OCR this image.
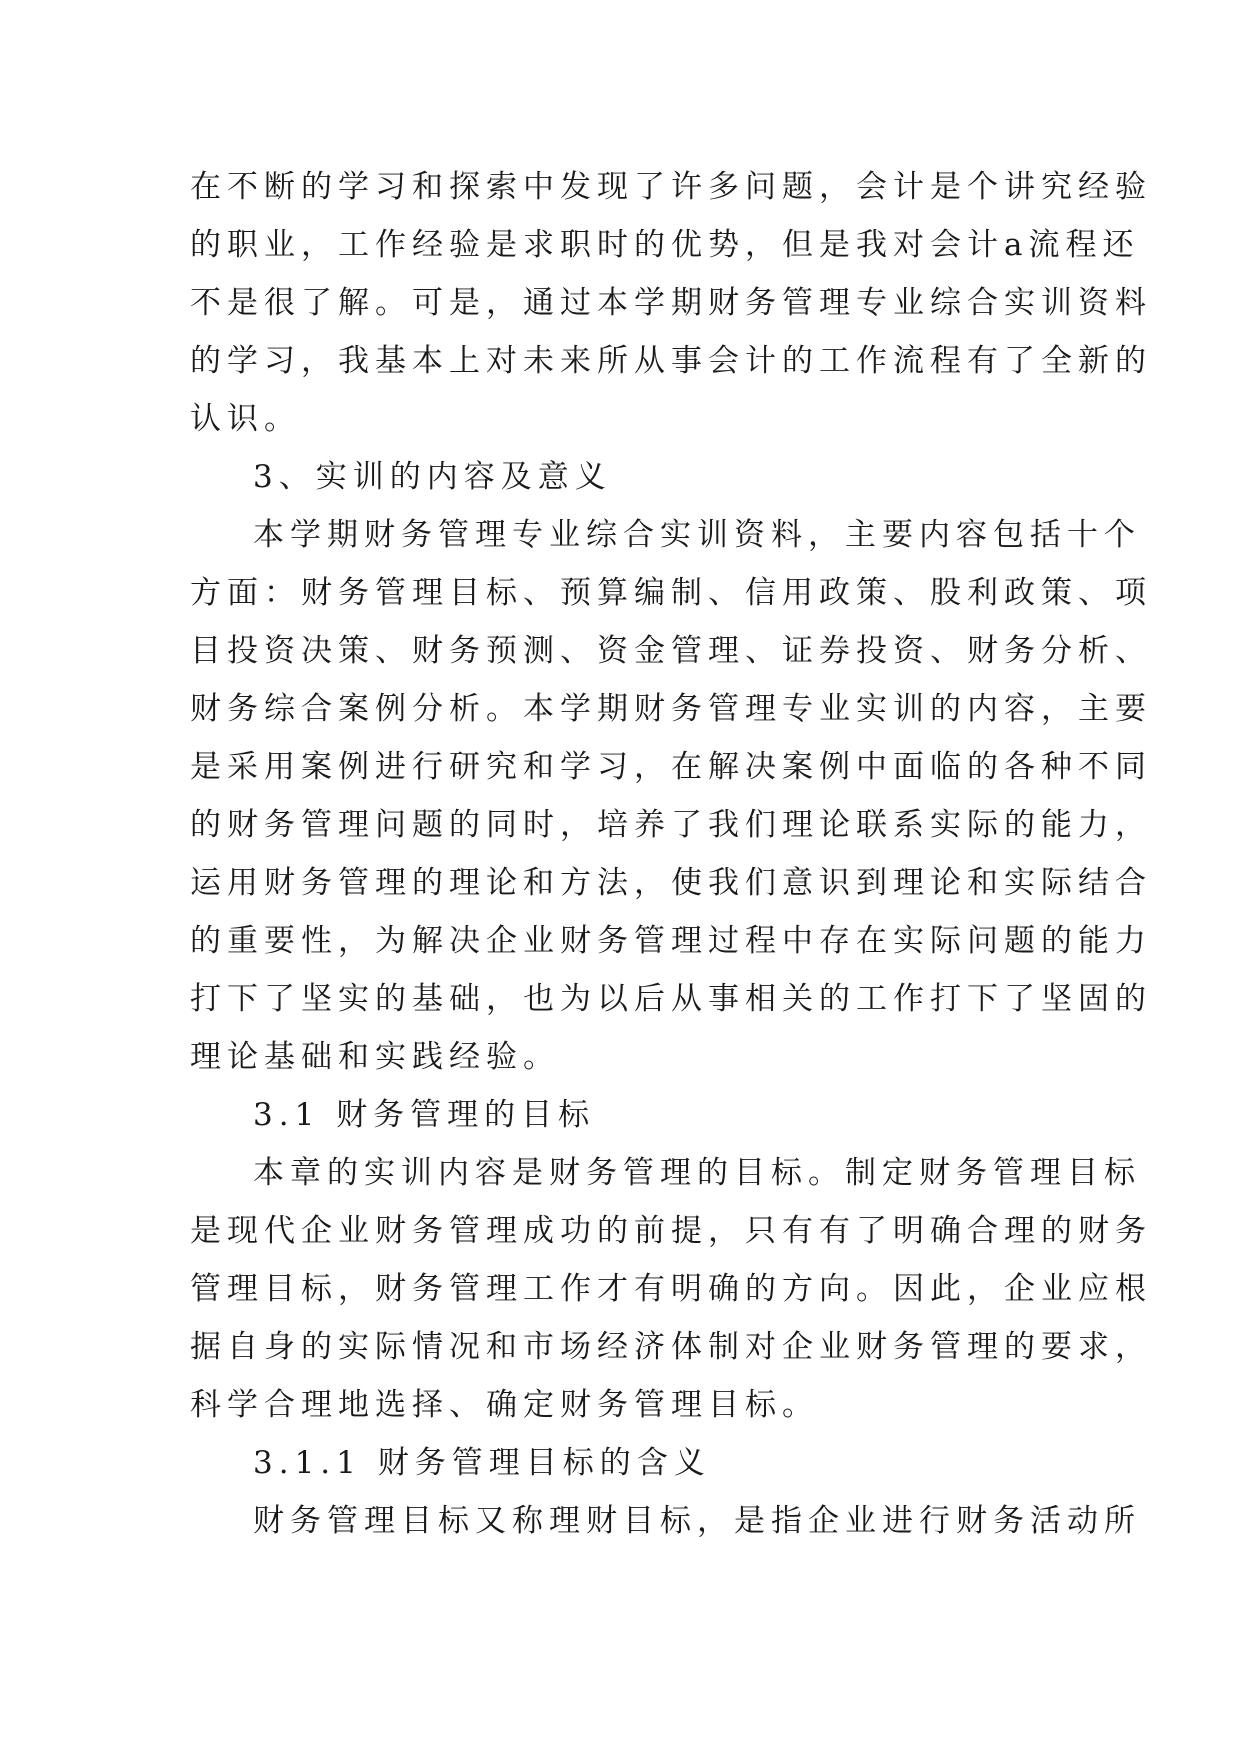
在不断的学习和探索中发现了许多问题，会计是个讲究经验
的职业，工作经验是求职时的优势，但是我对会计a流程还
不是很了解。可是，通过本学期财务管理专业综合实训资料
的学习，我基本上对未来所从事会计的工作流程有了全新的
认识。
3、实训的内容及意义
本学期财务管理专业综合实训资料，主要内容包括十个
方面：财务管理目标、预算编制、信用政策、股利政策、项
目投资决策、财务预测、资金管理、证券投资、财务分析、
财务综合案例分析。本学期财务管理专业实训的内容，主要
是采用案例进行研究和学习，在解决案例中面临的各种不同
的财务管理问题的同时，培养了我们理论联系实际的能力，
运用财务管理的理论和方法，使我们意识到理论和实际结合
的重要性，为解决企业财务管理过程中存在实际问题的能力
打下了坚实的基础，也为以后从事相关的工作打下了坚固的
理论基础和实践经验。
3.1 财务管理的目标
本章的实训内容是财务管理的目标。制定财务管理目标
是现代企业财务管理成功的前提，只有有了明确合理的财务
管理目标，财务管理工作才有明确的方向。因此，企业应根
据自身的实际情况和市场经济体制对企业财务管理的要求，
科学合理地选择、确定财务管理目标。
3.1.1 财务管理目标的含义
财务管理目标又称理财目标，是指企业进行财务活动所
